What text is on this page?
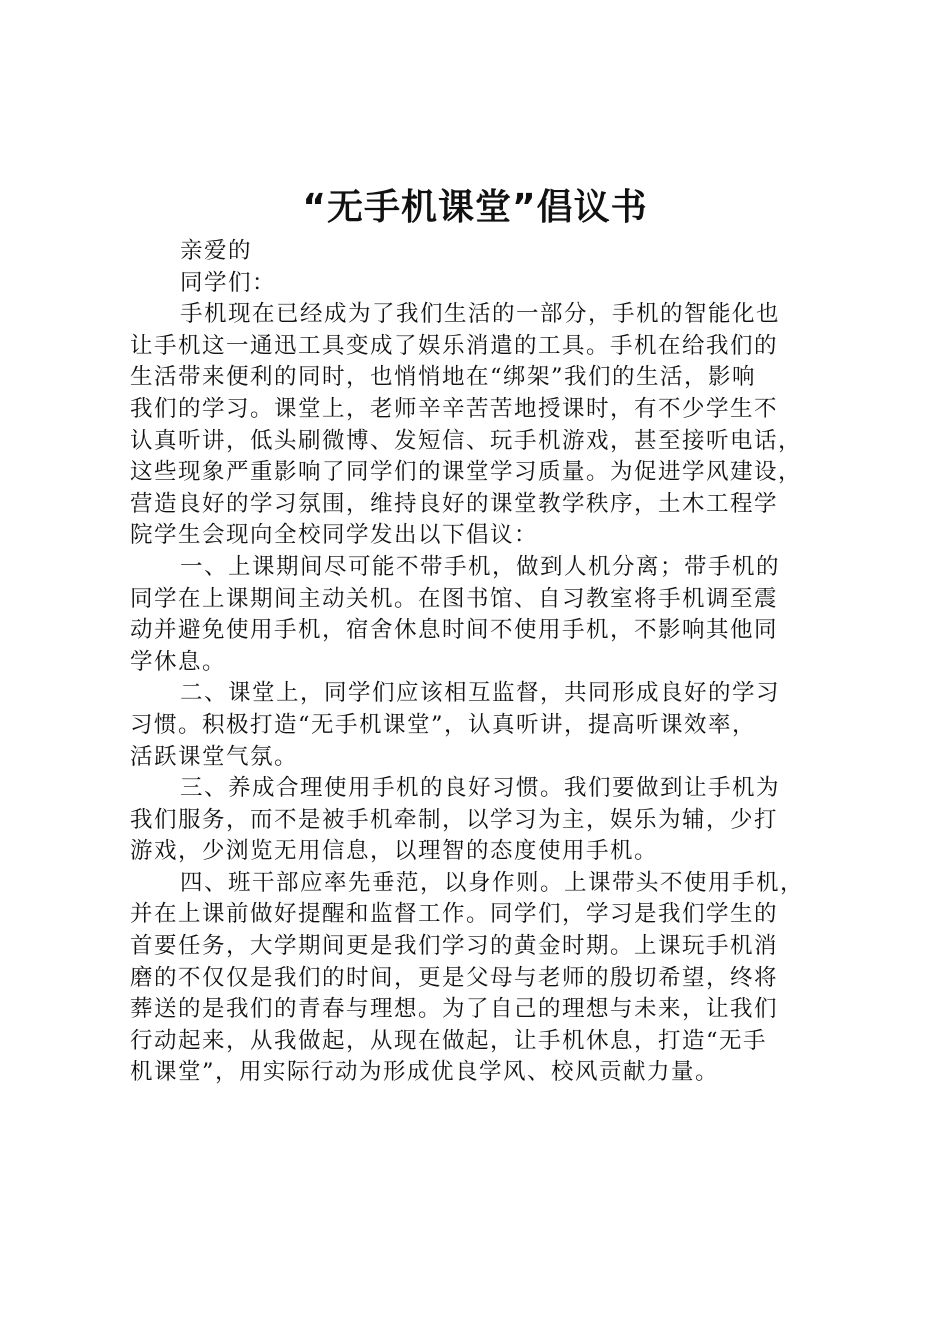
“无手机课堂”倡议书
亲爱的
同学们：
手机现在已经成为了我们生活的一部分，手机的智能化也
让手机这一通迅工具变成了娱乐消遣的工具。手机在给我们的
生活带来便利的同时，也悄悄地在“绑架”我们的生活，影响
我们的学习。课堂上，老师辛辛苦苦地授课时，有不少学生不
认真听讲，低头刷微博、发短信、玩手机游戏，甚至接听电话，
这些现象严重影响了同学们的课堂学习质量。为促进学风建设，
营造良好的学习氛围，维持良好的课堂教学秩序，土木工程学
院学生会现向全校同学发出以下倡议：
一、上课期间尽可能不带手机，做到人机分离；带手机的
同学在上课期间主动关机。在图书馆、自习教室将手机调至震
动并避免使用手机，宿舍休息时间不使用手机，不影响其他同
学休息。
二、课堂上，同学们应该相互监督，共同形成良好的学习
习惯。积极打造“无手机课堂”，认真听讲，提高听课效率，
活跃课堂气氛。
三、养成合理使用手机的良好习惯。我们要做到让手机为
我们服务，而不是被手机牵制，以学习为主，娱乐为辅，少打
游戏，少浏览无用信息，以理智的态度使用手机。
四、班干部应率先垂范，以身作则。上课带头不使用手机，
并在上课前做好提醒和监督工作。同学们，学习是我们学生的
首要任务，大学期间更是我们学习的黄金时期。上课玩手机消
磨的不仅仅是我们的时间，更是父母与老师的殷切希望，终将
葬送的是我们的青春与理想。为了自己的理想与未来，让我们
行动起来，从我做起，从现在做起，让手机休息，打造“无手
机课堂”，用实际行动为形成优良学风、校风贡献力量。
